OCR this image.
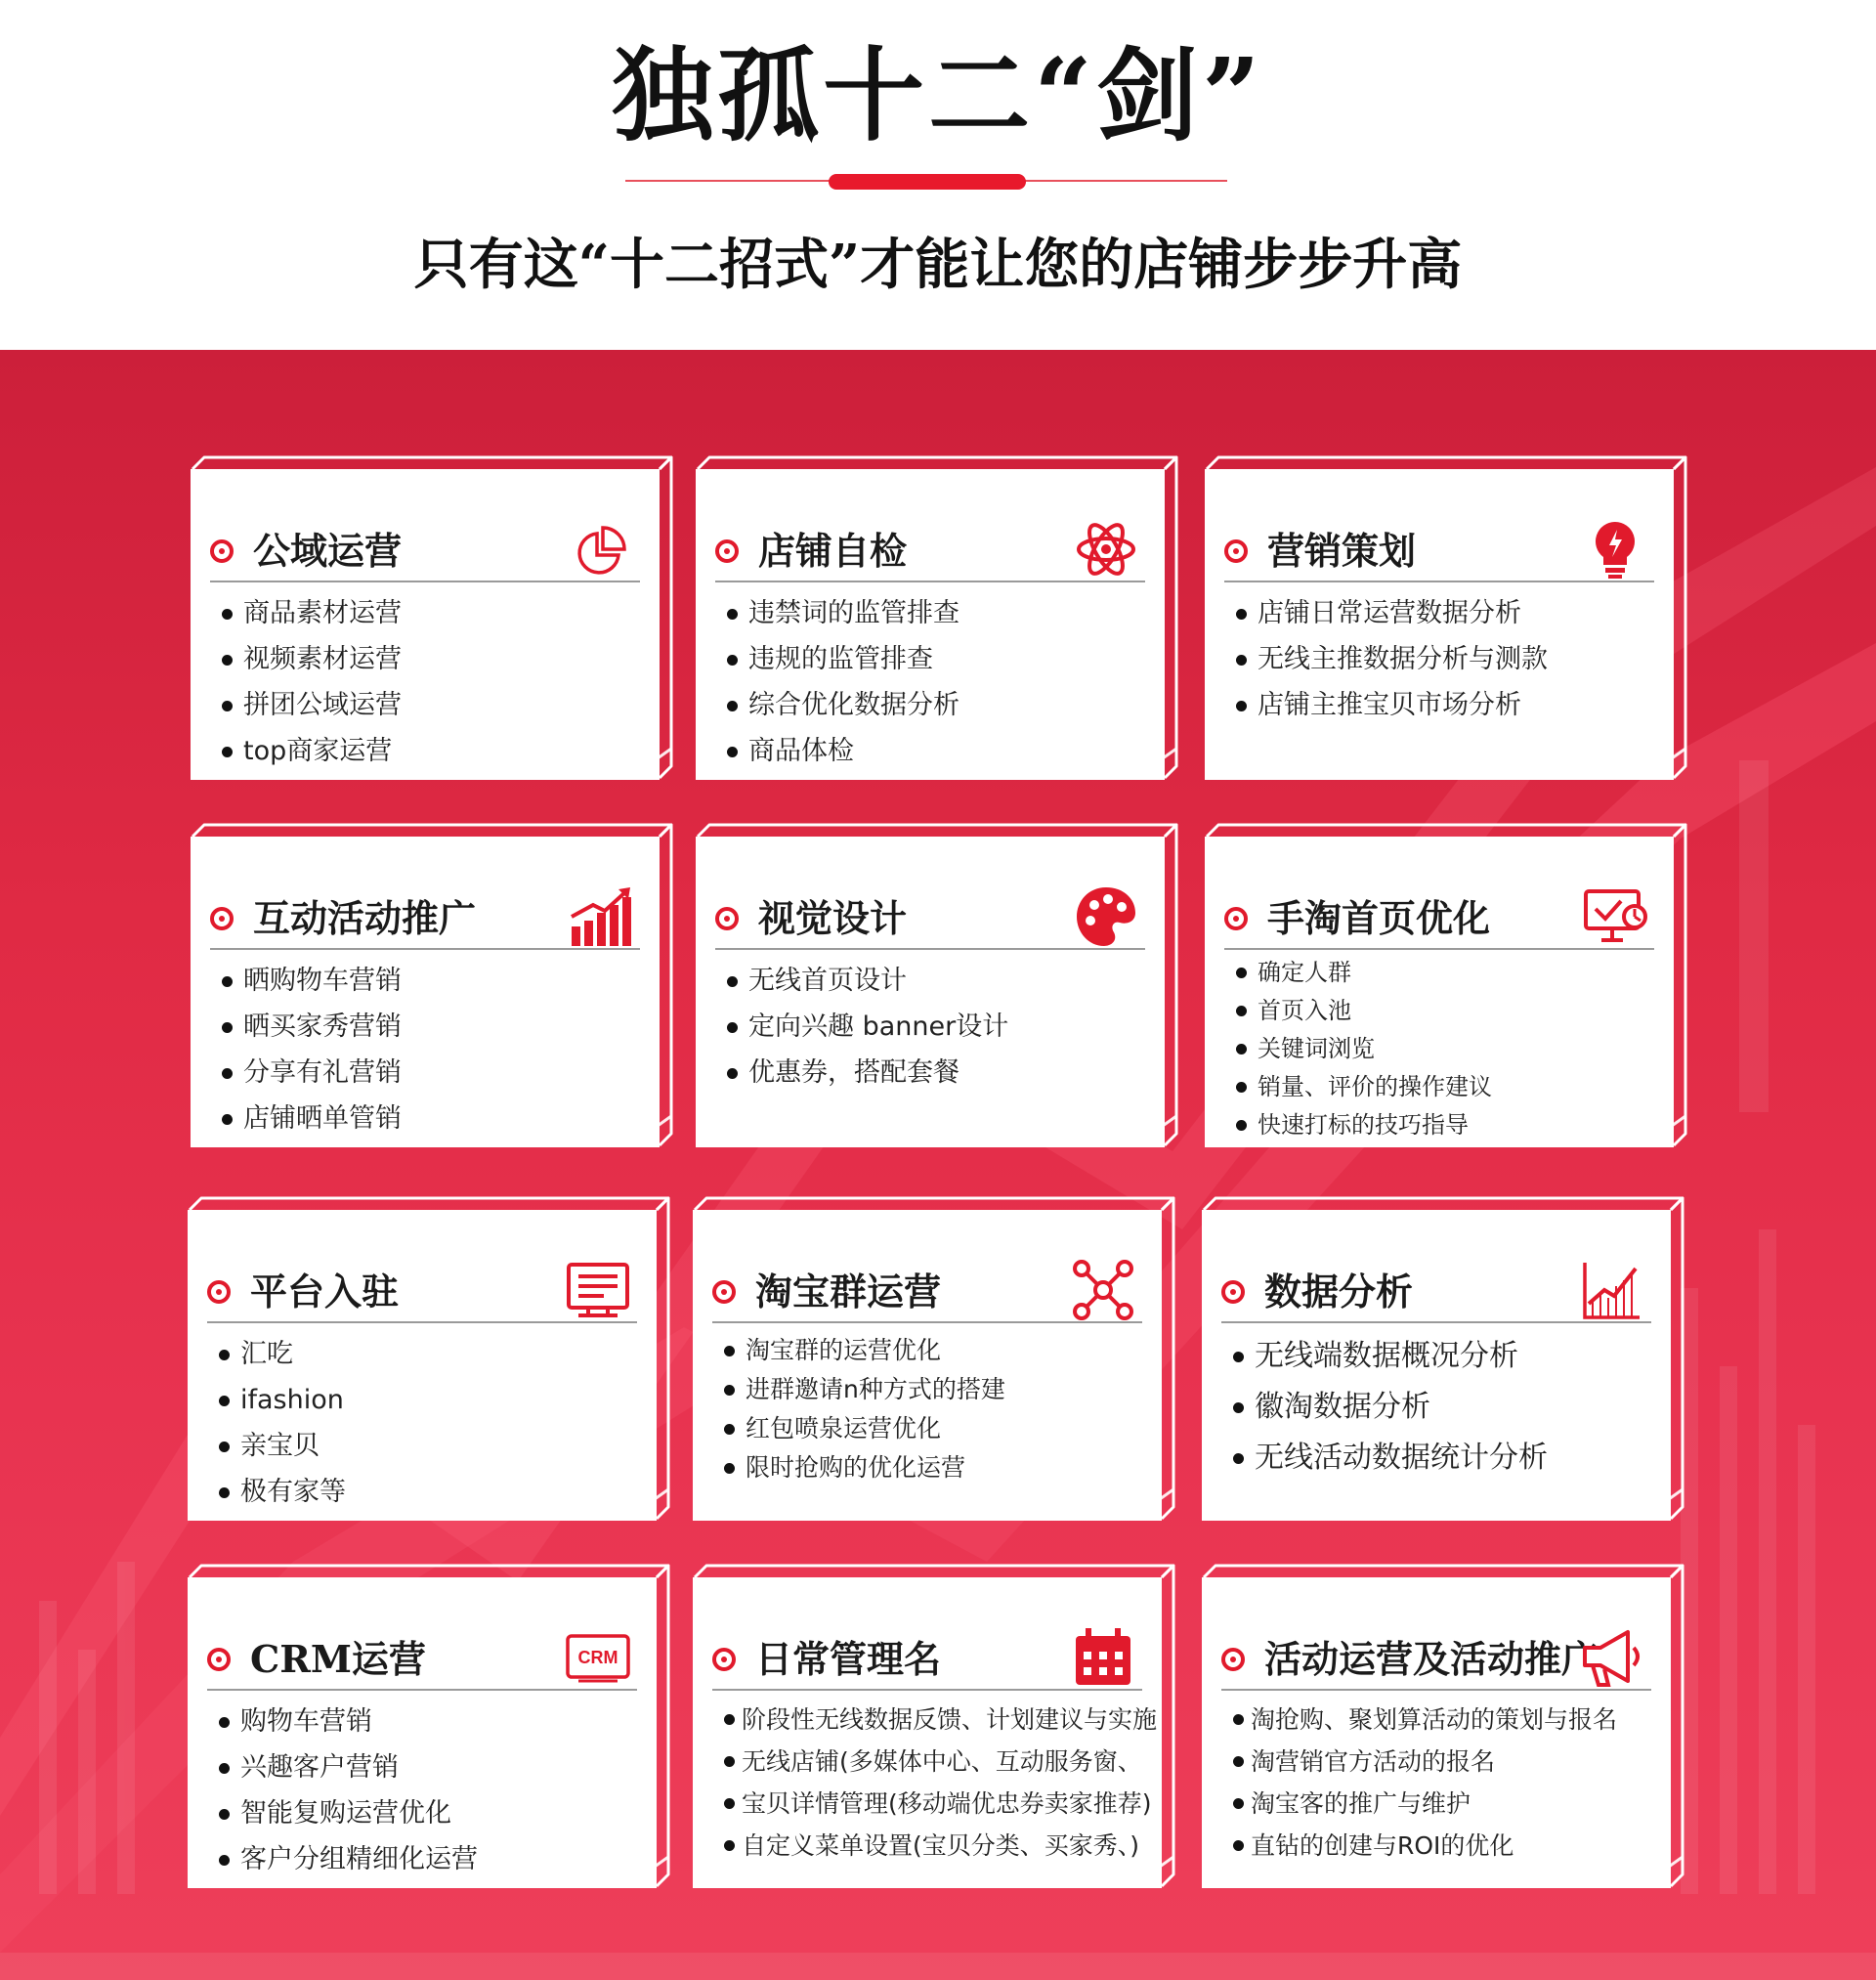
独孤十二“剑”
只有这“十二招式”才能让您的店铺步步升高
公域运营
商品素材运营
视频素材运营
拼团公域运营
top商家运营
店铺自检
违禁词的监管排查
违规的监管排查
综合优化数据分析
商品体检
营销策划
店铺日常运营数据分析
无线主推数据分析与测款
店铺主推宝贝市场分析
互动活动推广
晒购物车营销
晒买家秀营销
分享有礼营销
店铺晒单管销
视觉设计
无线首页设计
定向兴趣 banner设计
优惠券，搭配套餐
手淘首页优化
确定人群
首页入池
关键词浏览
销量、评价的操作建议
快速打标的技巧指导
平台入驻
汇吃
ifashion
亲宝贝
极有家等
淘宝群运营
淘宝群的运营优化
进群邀请n种方式的搭建
红包喷泉运营优化
限时抢购的优化运营
数据分析
无线端数据概况分析
徽淘数据分析
无线活动数据统计分析
CRM运营	CRM
购物车营销
兴趣客户营销
智能复购运营优化
客户分组精细化运营
日常管理名
阶段性无线数据反馈、计划建议与实施
无线店铺(多媒体中心、互动服务窗、
宝贝详情管理(移动端优忠券卖家推荐)
自定义菜单设置(宝贝分类、买家秀、)
活动运营及活动推广
淘抢购、聚划算活动的策划与报名
淘营销官方活动的报名
淘宝客的推广与维护
直钻的创建与ROI的优化
